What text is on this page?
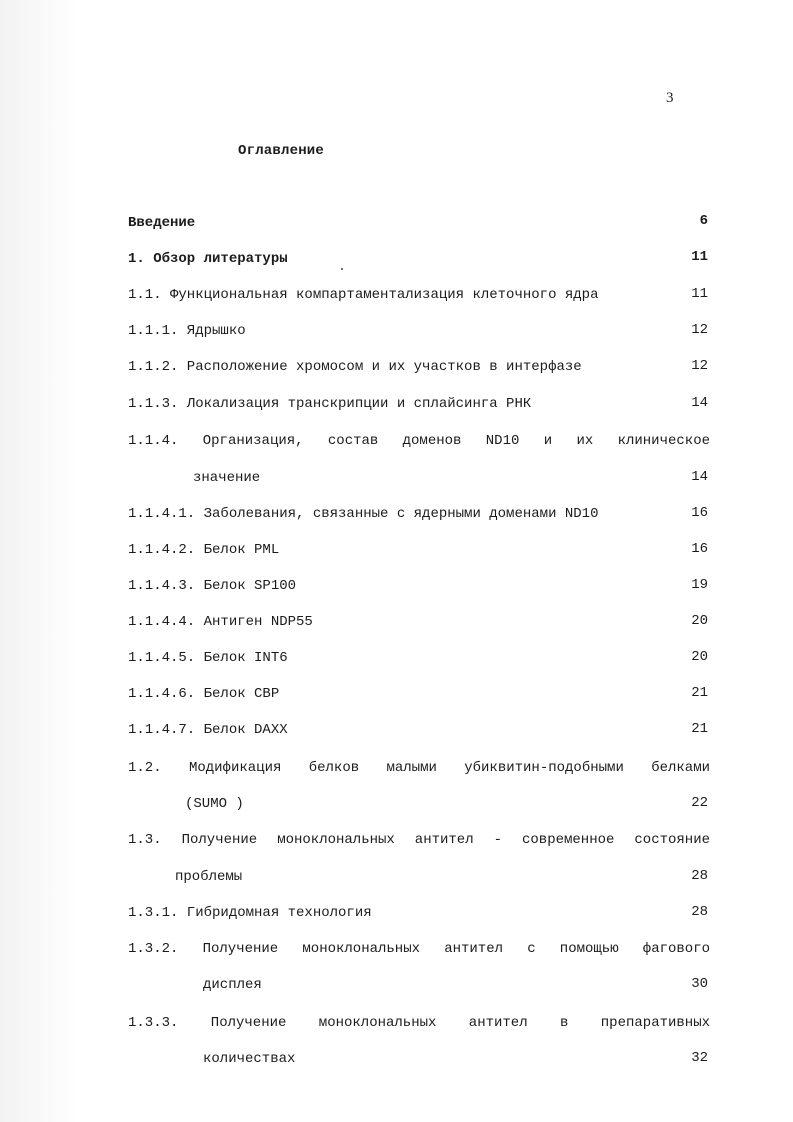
3
Оглавление
Введение	6
1. Обзор литературы	11
1.1. Функциональная компартаментализация клеточного ядра	11
1.1.1. Ядрышко	12
1.1.2. Расположение хромосом и их участков в интерфазе	12
1.1.3. Локализация транскрипции и сплайсинга РНК	14
1.1.4. Организация, состав доменов ND10 и их клиническое
значение	14
1.1.4.1. Заболевания, связанные с ядерными доменами ND10	16
1.1.4.2. Белок PML	16
1.1.4.3. Белок SP100	19
1.1.4.4. Антиген NDP55	20
1.1.4.5. Белок INT6	20
1.1.4.6. Белок CBP	21
1.1.4.7. Белок DAXX	21
1.2. Модификация белков малыми убиквитин-подобными белками
(SUMO )	22
1.3. Получение моноклональных антител - современное состояние
проблемы	28
1.3.1. Гибридомная технология	28
1.3.2. Получение моноклональных антител с помощью фагового
дисплея	30
1.3.3. Получение моноклональных антител в препаративных
количествах	32
